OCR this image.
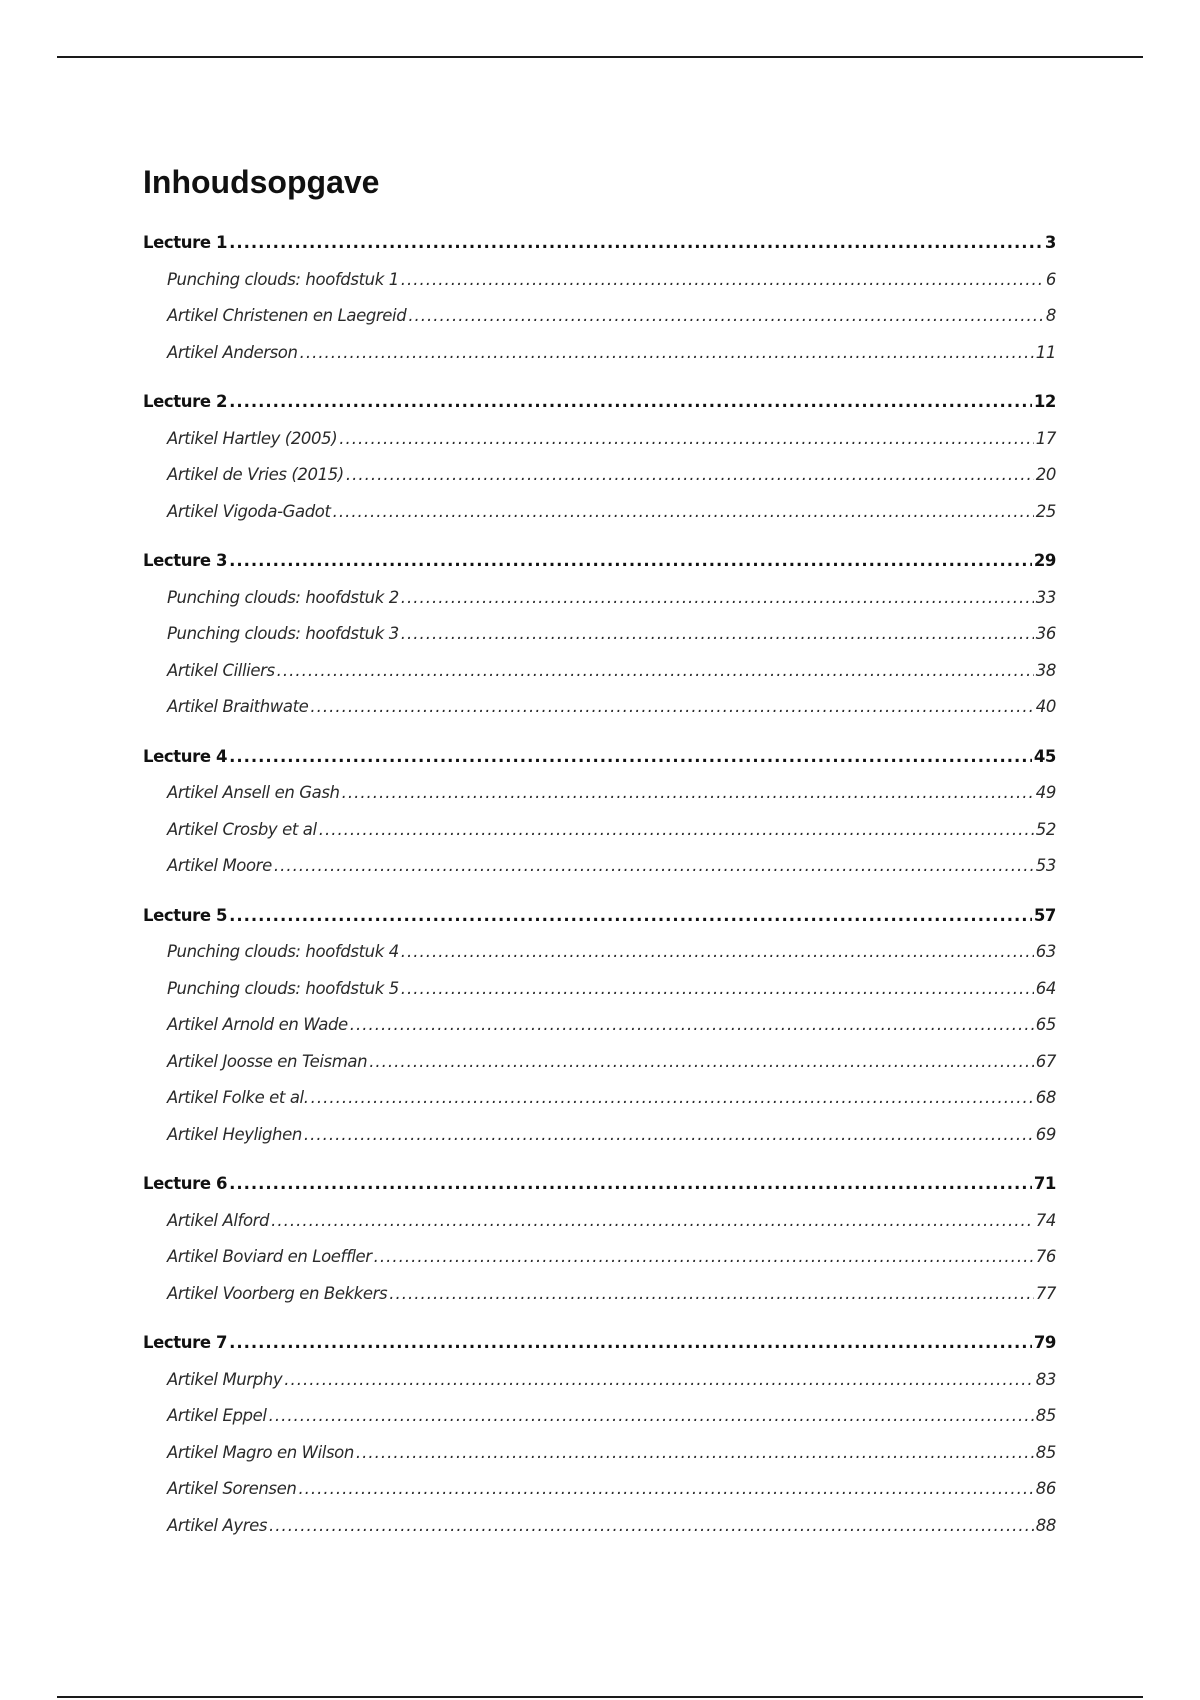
Inhoudsopgave
Lecture 1 .....	3
Punching clouds: hoofdstuk 1 .....	6
Artikel Christenen en Laegreid .....	8
Artikel Anderson .....	11
Lecture 2 .....	12
Artikel Hartley (2005) .....	17
Artikel de Vries (2015) .....	20
Artikel Vigoda-Gadot .....	25
Lecture 3 .....	29
Punching clouds: hoofdstuk 2 .....	33
Punching clouds: hoofdstuk 3 .....	36
Artikel Cilliers .....	38
Artikel Braithwate .....	40
Lecture 4 .....	45
Artikel Ansell en Gash .....	49
Artikel Crosby et al .....	52
Artikel Moore .....	53
Lecture 5 .....	57
Punching clouds: hoofdstuk 4 .....	63
Punching clouds: hoofdstuk 5 .....	64
Artikel Arnold en Wade .....	65
Artikel Joosse en Teisman .....	67
Artikel Folke et al. .....	68
Artikel Heylighen .....	69
Lecture 6 .....	71
Artikel Alford .....	74
Artikel Boviard en Loeffler .....	76
Artikel Voorberg en Bekkers .....	77
Lecture 7 .....	79
Artikel Murphy .....	83
Artikel Eppel .....	85
Artikel Magro en Wilson .....	85
Artikel Sorensen .....	86
Artikel Ayres .....	88
